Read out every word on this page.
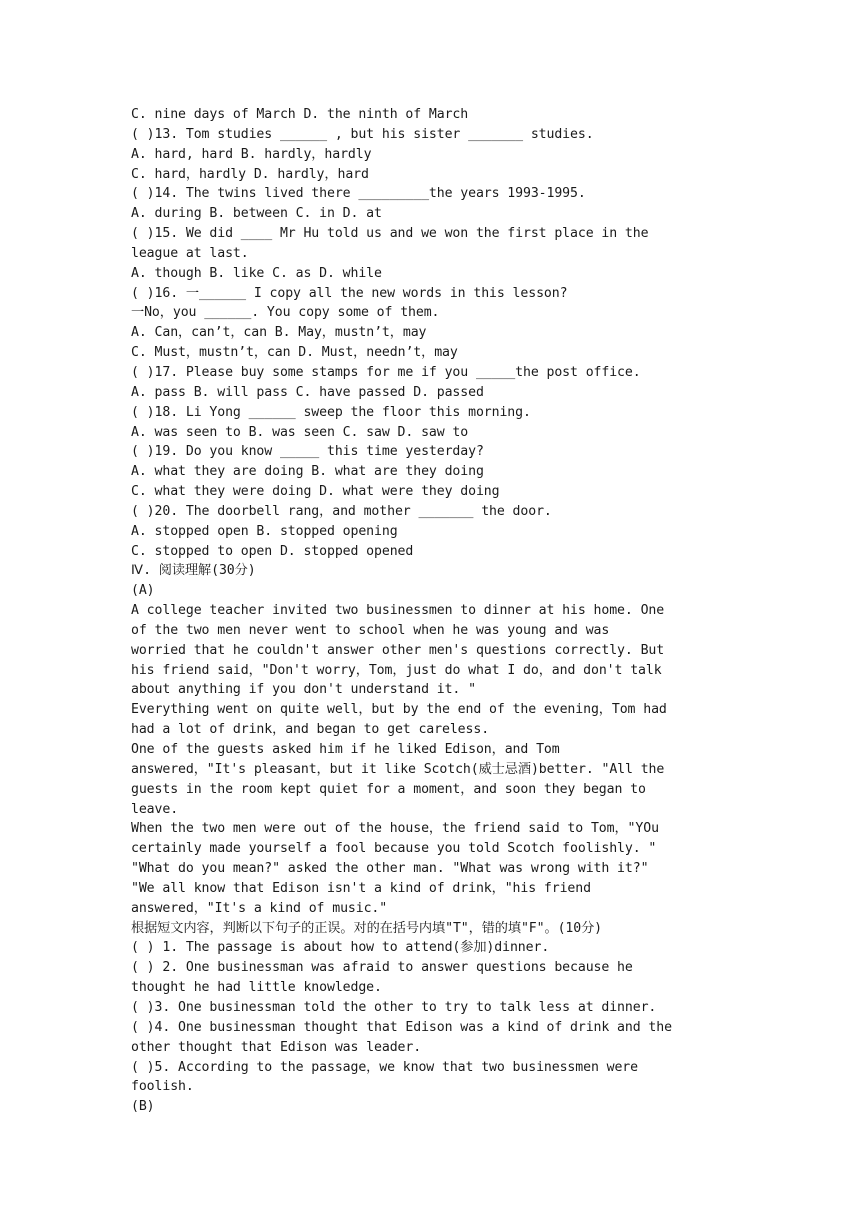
C. nine days of March D. the ninth of March
( )13. Tom studies ______ , but his sister _______ studies.
A. hard, hard B. hardly，hardly
C. hard，hardly D. hardly，hard
( )14. The twins lived there _________the years 1993-1995.
A. during B. between C. in D. at
( )15. We did ____ Mr Hu told us and we won the first place in the
league at last.
A. though B. like C. as D. while
( )16. 一______ I copy all the new words in this lesson?
一No，you ______. You copy some of them.
A. Can，can’t，can B. May，mustn’t，may
C. Must，mustn’t，can D. Must，needn’t，may
( )17. Please buy some stamps for me if you _____the post office.
A. pass B. will pass C. have passed D. passed
( )18. Li Yong ______ sweep the floor this morning.
A. was seen to B. was seen C. saw D. saw to
( )19. Do you know _____ this time yesterday?
A. what they are doing B. what are they doing
C. what they were doing D. what were they doing
( )20. The doorbell rang，and mother _______ the door.
A. stopped open B. stopped opening
C. stopped to open D. stopped opened
Ⅳ. 阅读理解(30分)
(A)
A college teacher invited two businessmen to dinner at his home. One
of the two men never went to school when he was young and was
worried that he couldn't answer other men's questions correctly. But
his friend said，"Don't worry，Tom，just do what I do，and don't talk
about anything if you don't understand it. "
Everything went on quite well，but by the end of the evening，Tom had
had a lot of drink，and began to get careless.
One of the guests asked him if he liked Edison，and Tom
answered，"It's pleasant，but it like Scotch(威士忌酒)better. "All the
guests in the room kept quiet for a moment，and soon they began to
leave.
When the two men were out of the house，the friend said to Tom，"YOu
certainly made yourself a fool because you told Scotch foolishly. "
"What do you mean?" asked the other man. "What was wrong with it?"
"We all know that Edison isn't a kind of drink，"his friend
answered，"It's a kind of music."
根据短文内容，判断以下句子的正误。对的在括号内填"T"，错的填"F"。(10分)
( ) 1. The passage is about how to attend(参加)dinner.
( ) 2. One businessman was afraid to answer questions because he
thought he had little knowledge.
( )3. One businessman told the other to try to talk less at dinner.
( )4. One businessman thought that Edison was a kind of drink and the
other thought that Edison was leader.
( )5. According to the passage，we know that two businessmen were
foolish.
(B)
